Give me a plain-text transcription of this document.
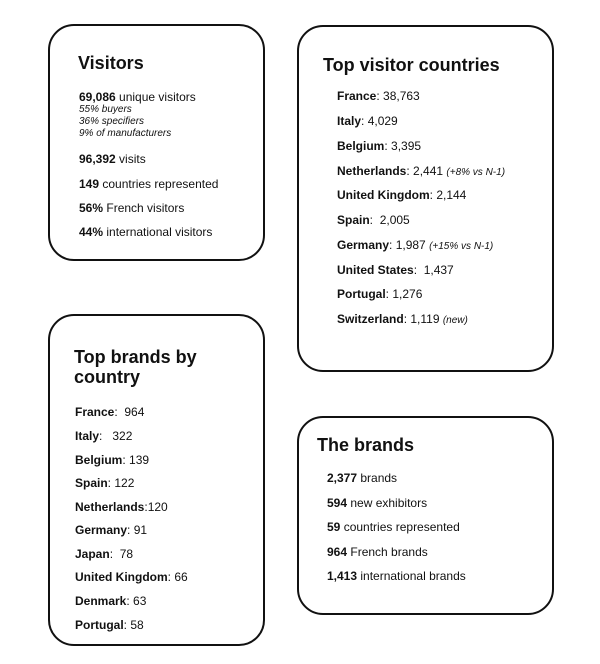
Visitors
69,086 unique visitors
55% buyers
36% specifiers
9% of manufacturers
96,392 visits
149 countries represented
56% French visitors
44% international visitors
Top visitor countries
France: 38,763
Italy: 4,029
Belgium: 3,395
Netherlands: 2,441 (+8% vs N-1)
United Kingdom: 2,144
Spain:  2,005
Germany: 1,987 (+15% vs N-1)
United States:  1,437
Portugal: 1,276
Switzerland: 1,119 (new)
Top brands by country
France:  964
Italy:   322
Belgium: 139
Spain: 122
Netherlands:120
Germany: 91
Japan:  78
United Kingdom: 66
Denmark: 63
Portugal: 58
The brands
2,377 brands
594 new exhibitors
59 countries represented
964 French brands
1,413 international brands
